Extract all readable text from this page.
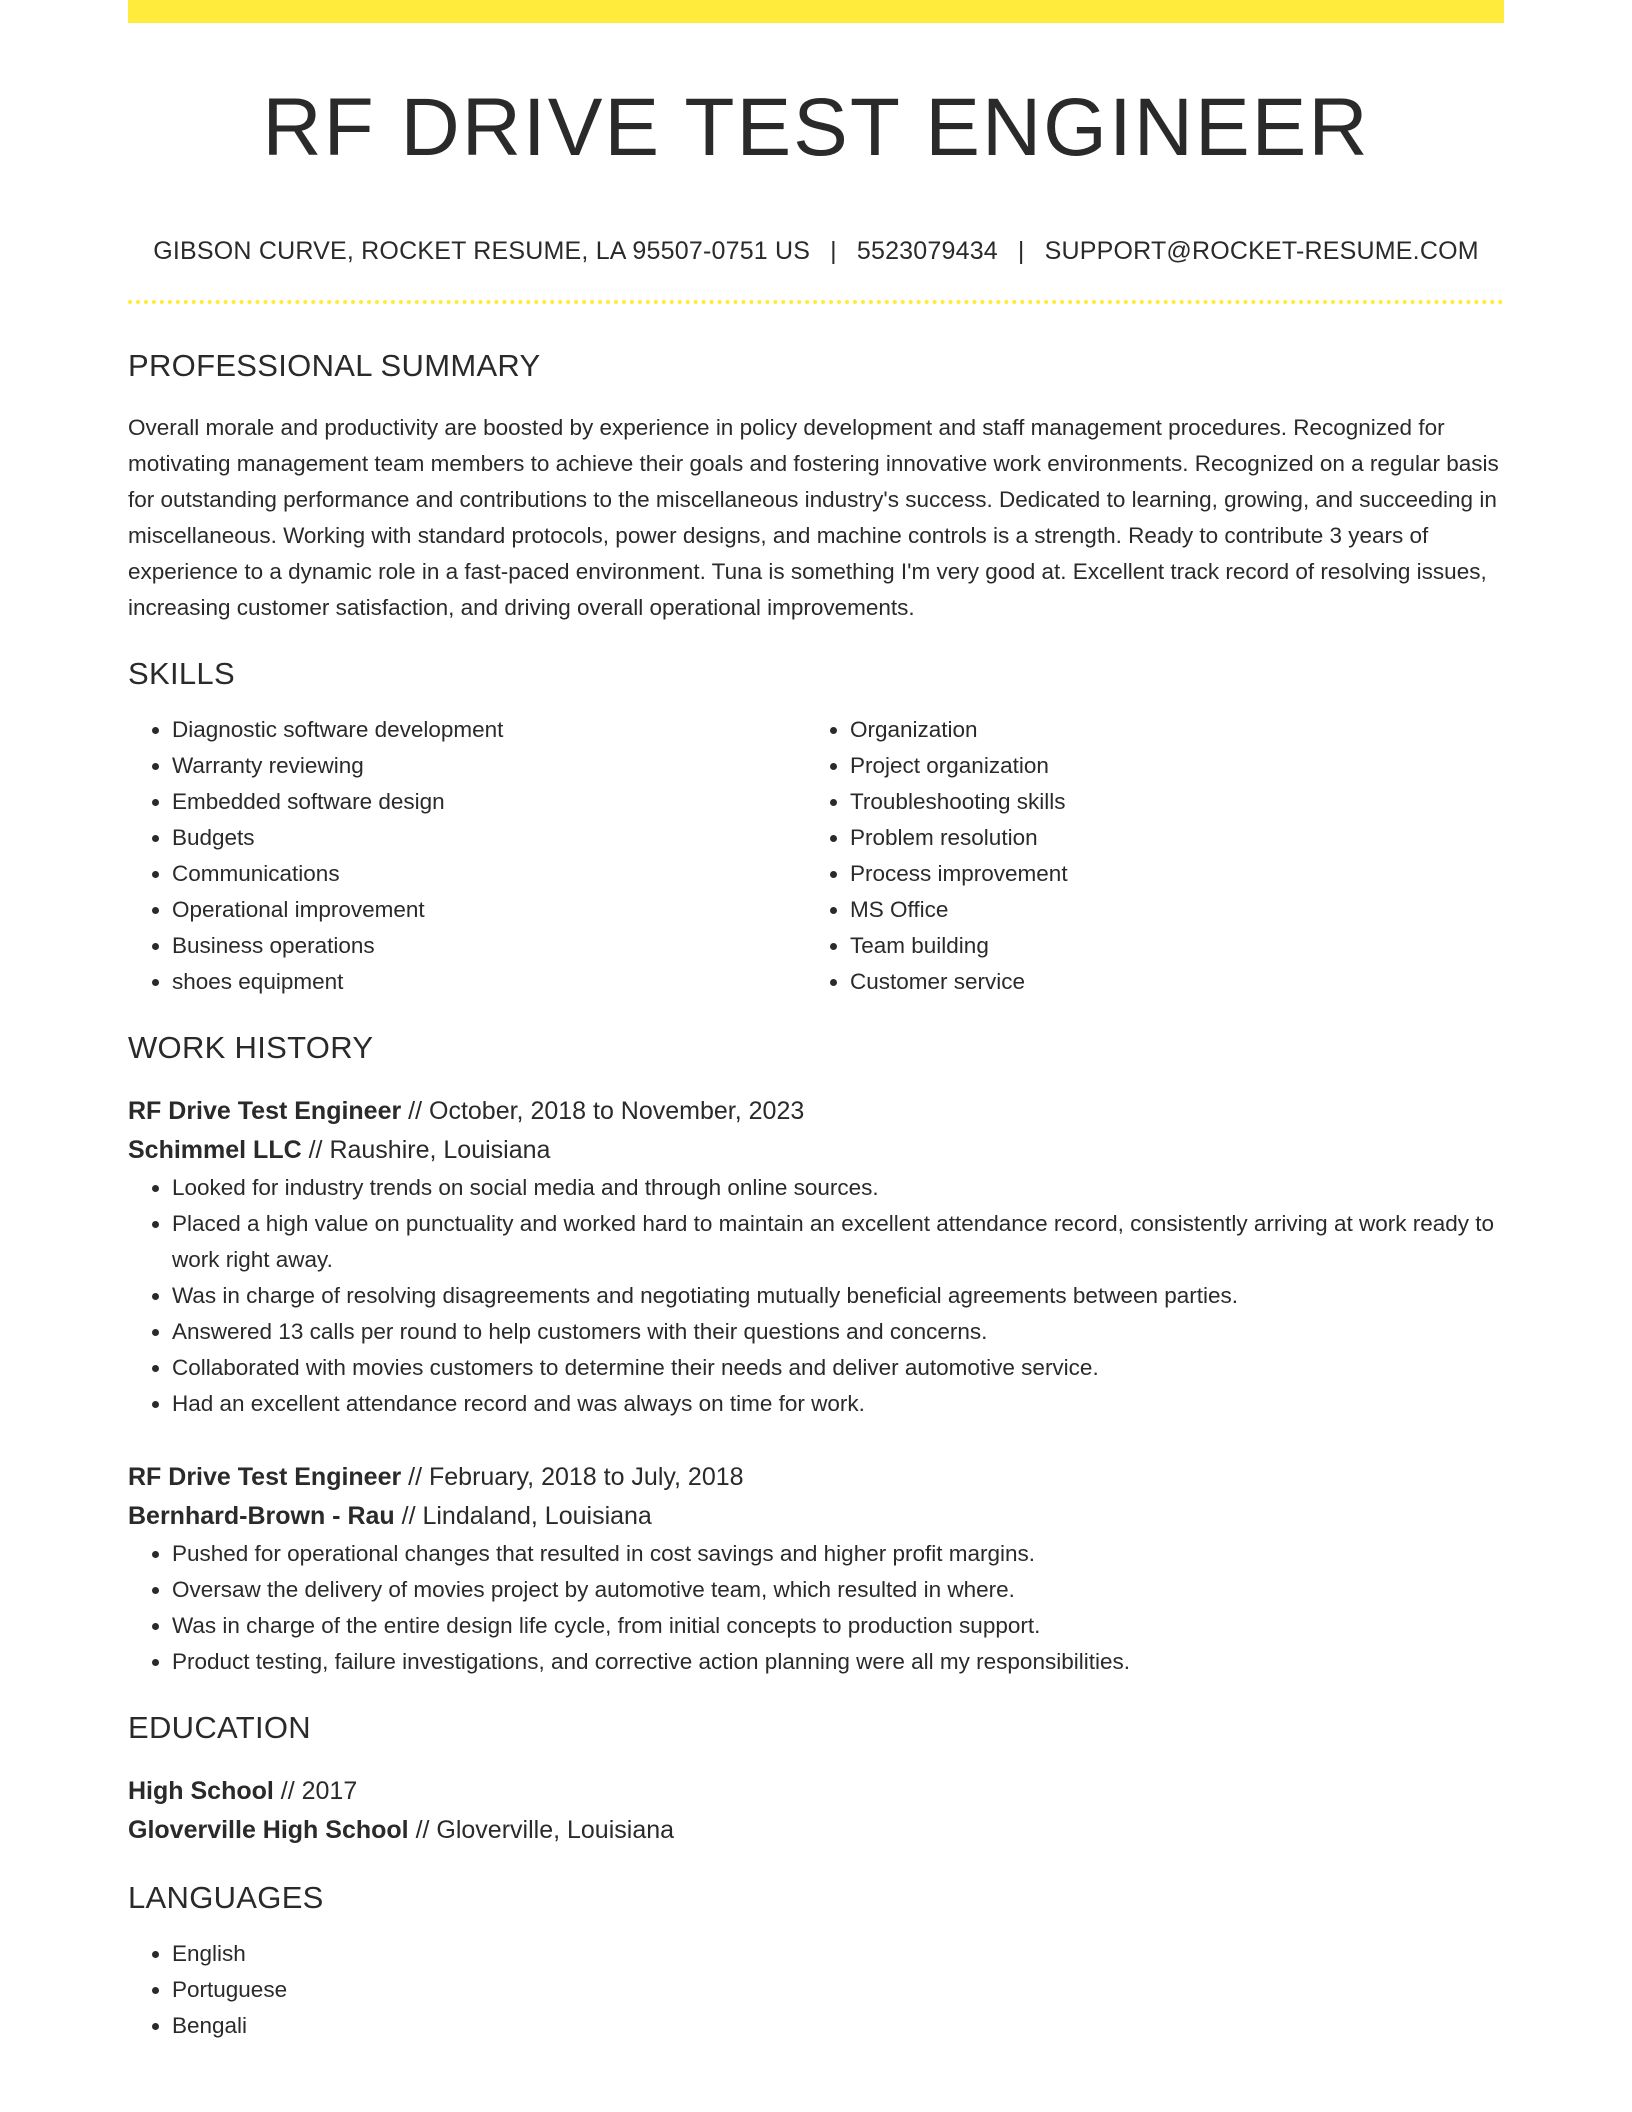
RF DRIVE TEST ENGINEER
GIBSON CURVE, ROCKET RESUME, LA 95507-0751 US | 5523079434 | SUPPORT@ROCKET-RESUME.COM
PROFESSIONAL SUMMARY
Overall morale and productivity are boosted by experience in policy development and staff management procedures. Recognized for motivating management team members to achieve their goals and fostering innovative work environments. Recognized on a regular basis for outstanding performance and contributions to the miscellaneous industry's success. Dedicated to learning, growing, and succeeding in miscellaneous. Working with standard protocols, power designs, and machine controls is a strength. Ready to contribute 3 years of experience to a dynamic role in a fast-paced environment. Tuna is something I'm very good at. Excellent track record of resolving issues, increasing customer satisfaction, and driving overall operational improvements.
SKILLS
• Diagnostic software development
• Warranty reviewing
• Embedded software design
• Budgets
• Communications
• Operational improvement
• Business operations
• shoes equipment
• Organization
• Project organization
• Troubleshooting skills
• Problem resolution
• Process improvement
• MS Office
• Team building
• Customer service
WORK HISTORY
RF Drive Test Engineer // October, 2018 to November, 2023
Schimmel LLC // Raushire, Louisiana
• Looked for industry trends on social media and through online sources.
• Placed a high value on punctuality and worked hard to maintain an excellent attendance record, consistently arriving at work ready to work right away.
• Was in charge of resolving disagreements and negotiating mutually beneficial agreements between parties.
• Answered 13 calls per round to help customers with their questions and concerns.
• Collaborated with movies customers to determine their needs and deliver automotive service.
• Had an excellent attendance record and was always on time for work.
RF Drive Test Engineer // February, 2018 to July, 2018
Bernhard-Brown - Rau // Lindaland, Louisiana
• Pushed for operational changes that resulted in cost savings and higher profit margins.
• Oversaw the delivery of movies project by automotive team, which resulted in where.
• Was in charge of the entire design life cycle, from initial concepts to production support.
• Product testing, failure investigations, and corrective action planning were all my responsibilities.
EDUCATION
High School // 2017
Gloverville High School // Gloverville, Louisiana
LANGUAGES
• English
• Portuguese
• Bengali
